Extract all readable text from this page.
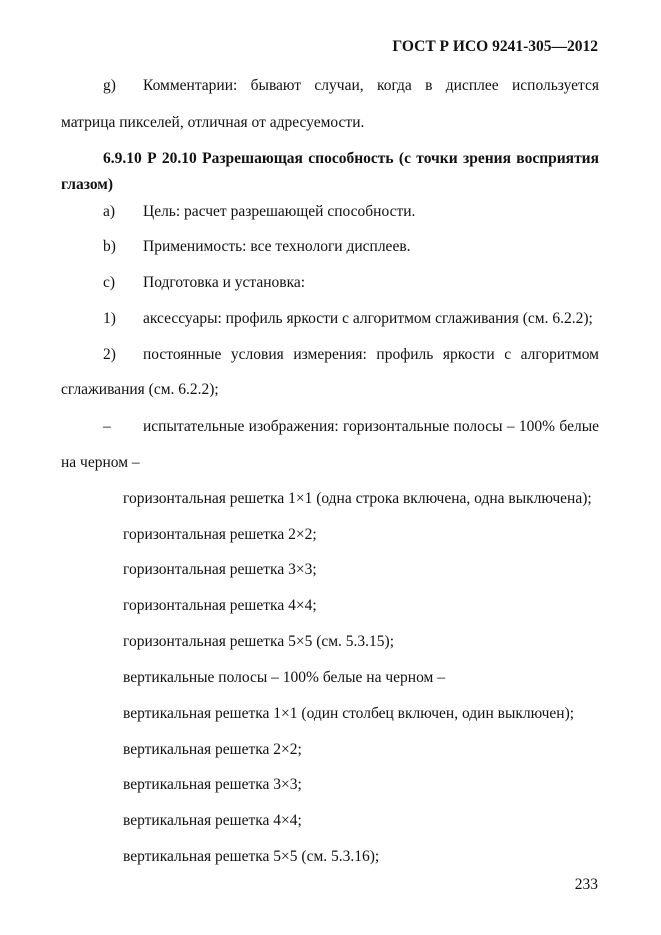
ГОСТ Р ИСО 9241-305—2012
g) Комментарии: бывают случаи, когда в дисплее используется
матрица пикселей, отличная от адресуемости.
6.9.10 Р 20.10 Разрешающая способность (с точки зрения восприятия
глазом)
a) Цель: расчет разрешающей способности.
b) Применимость: все технологи дисплеев.
c) Подготовка и установка:
1) аксессуары: профиль яркости с алгоритмом сглаживания (см. 6.2.2);
2) постоянные условия измерения: профиль яркости с алгоритмом
сглаживания (см. 6.2.2);
– испытательные изображения: горизонтальные полосы – 100% белые
на черном –
горизонтальная решетка 1×1 (одна строка включена, одна выключена);
горизонтальная решетка 2×2;
горизонтальная решетка 3×3;
горизонтальная решетка 4×4;
горизонтальная решетка 5×5 (см. 5.3.15);
вертикальные полосы – 100% белые на черном –
вертикальная решетка 1×1 (один столбец включен, один выключен);
вертикальная решетка 2×2;
вертикальная решетка 3×3;
вертикальная решетка 4×4;
вертикальная решетка 5×5 (см. 5.3.16);
233
